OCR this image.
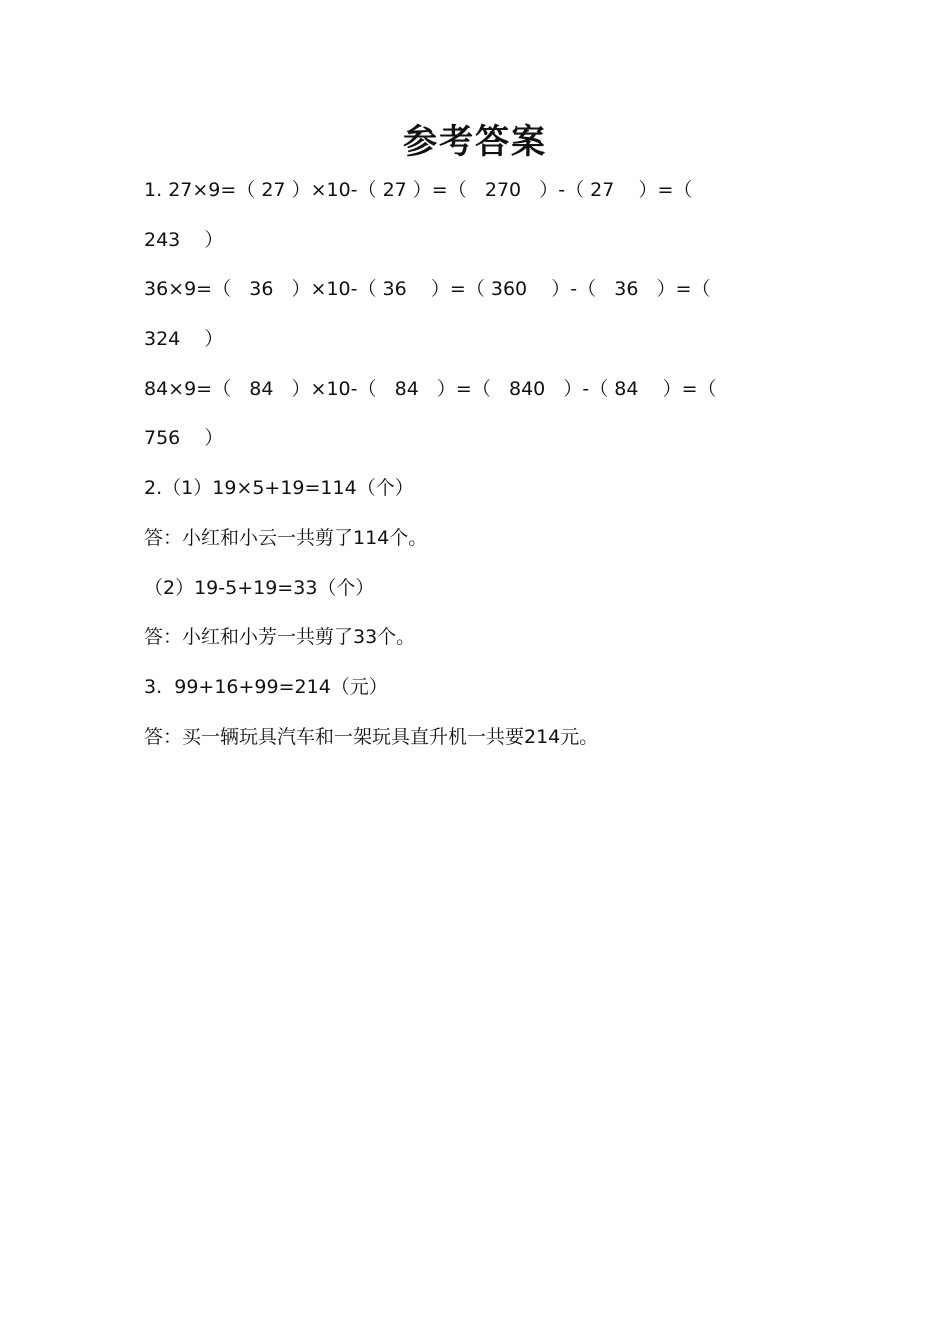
参考答案
1. 27×9=（ 27 ）×10-（ 27 ）=（   270   ）-（ 27    ）=（
243    ）
36×9=（   36   ）×10-（ 36    ）=（ 360    ）-（   36   ）=（
324    ）
84×9=（   84   ）×10-（   84   ）=（   840   ）-（ 84    ）=（
756    ）
2.（1）19×5+19=114（个）
答：小红和小云一共剪了114个。
（2）19-5+19=33（个）
答：小红和小芳一共剪了33个。
3. 99+16+99=214（元）
答：买一辆玩具汽车和一架玩具直升机一共要214元。
